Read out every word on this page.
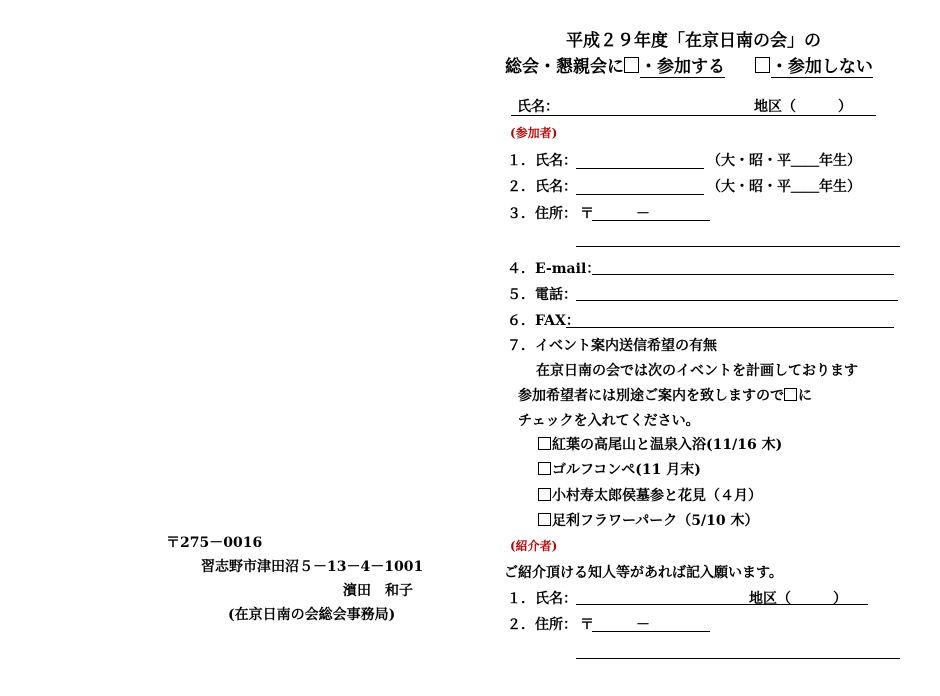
平成２９年度「在京日南の会」の
総会・懇親会に ・参加する	・参加しない
氏名：	地区（　　　）
(参加者)
１．氏名：	（大・昭・平＿＿年生）
２．氏名：	（大・昭・平＿＿年生）
３．住所： 〒　　　－
４．E-mail：
５．電話：
６．FAX：
７．イベント案内送信希望の有無
在京日南の会では次のイベントを計画しております
参加希望者には別途ご案内を致しますので に
チェックを入れてください。
紅葉の高尾山と温泉入浴(11/16 木)
ゴルフコンペ(11 月末)
小村寿太郎侯墓参と花見（４月）
足利フラワーパーク（5/10 木）
(紹介者)
ご紹介頂ける知人等があれば記入願います。
１．氏名：	地区（　　　）
２．住所： 〒　　　－
〒275－0016
習志野市津田沼５－13－4－1001
濱田　和子
(在京日南の会総会事務局)
